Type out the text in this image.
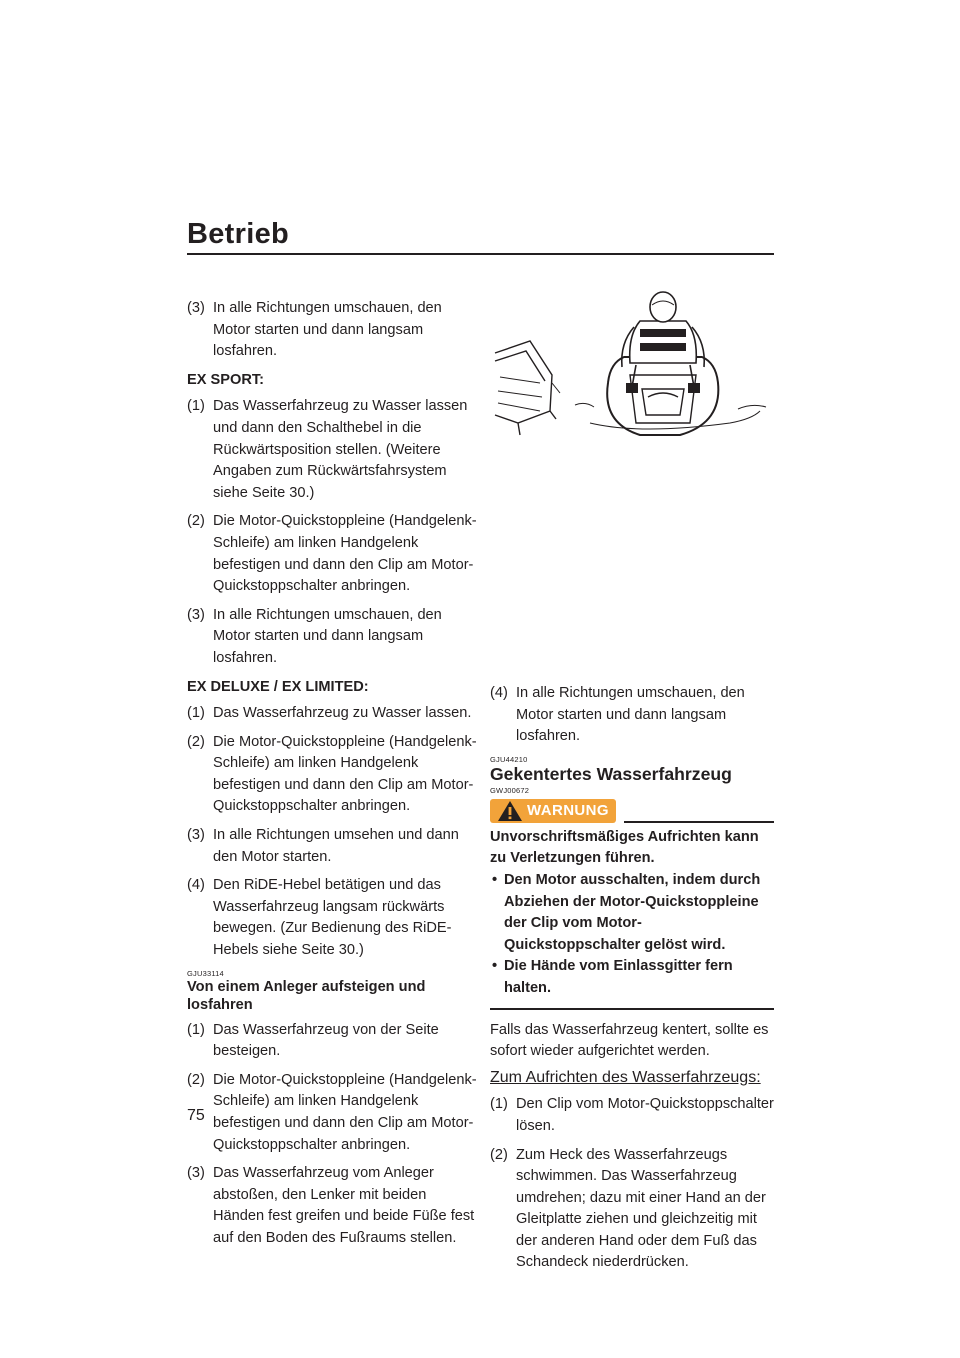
Betrieb
(3) In alle Richtungen umschauen, den Motor starten und dann langsam losfahren.
EX SPORT:
(1) Das Wasserfahrzeug zu Wasser lassen und dann den Schalthebel in die Rückwärtsposition stellen. (Weitere Angaben zum Rückwärtsfahrsystem siehe Seite 30.)
(2) Die Motor-Quickstoppleine (Handgelenk-Schleife) am linken Handgelenk befestigen und dann den Clip am Motor-Quickstoppschalter anbringen.
(3) In alle Richtungen umschauen, den Motor starten und dann langsam losfahren.
EX DELUXE / EX LIMITED:
(1) Das Wasserfahrzeug zu Wasser lassen.
(2) Die Motor-Quickstoppleine (Handgelenk-Schleife) am linken Handgelenk befestigen und dann den Clip am Motor-Quickstoppschalter anbringen.
(3) In alle Richtungen umsehen und dann den Motor starten.
(4) Den RiDE-Hebel betätigen und das Wasserfahrzeug langsam rückwärts bewegen. (Zur Bedienung des RiDE-Hebels siehe Seite 30.)
GJU33114
Von einem Anleger aufsteigen und losfahren
(1) Das Wasserfahrzeug von der Seite besteigen.
(2) Die Motor-Quickstoppleine (Handgelenk-Schleife) am linken Handgelenk befestigen und dann den Clip am Motor-Quickstoppschalter anbringen.
(3) Das Wasserfahrzeug vom Anleger abstoßen, den Lenker mit beiden Händen fest greifen und beide Füße fest auf den Boden des Fußraums stellen.
(4) In alle Richtungen umschauen, den Motor starten und dann langsam losfahren.
GJU44210
Gekentertes Wasserfahrzeug
GWJ00672
WARNUNG
Unvorschriftsmäßiges Aufrichten kann zu Verletzungen führen.
• Den Motor ausschalten, indem durch Abziehen der Motor-Quickstoppleine der Clip vom Motor-Quickstoppschalter gelöst wird.
• Die Hände vom Einlassgitter fern halten.
Falls das Wasserfahrzeug kentert, sollte es sofort wieder aufgerichtet werden.
Zum Aufrichten des Wasserfahrzeugs:
(1) Den Clip vom Motor-Quickstoppschalter lösen.
(2) Zum Heck des Wasserfahrzeugs schwimmen. Das Wasserfahrzeug umdrehen; dazu mit einer Hand an der Gleitplatte ziehen und gleichzeitig mit der anderen Hand oder dem Fuß das Schandeck niederdrücken.
75
